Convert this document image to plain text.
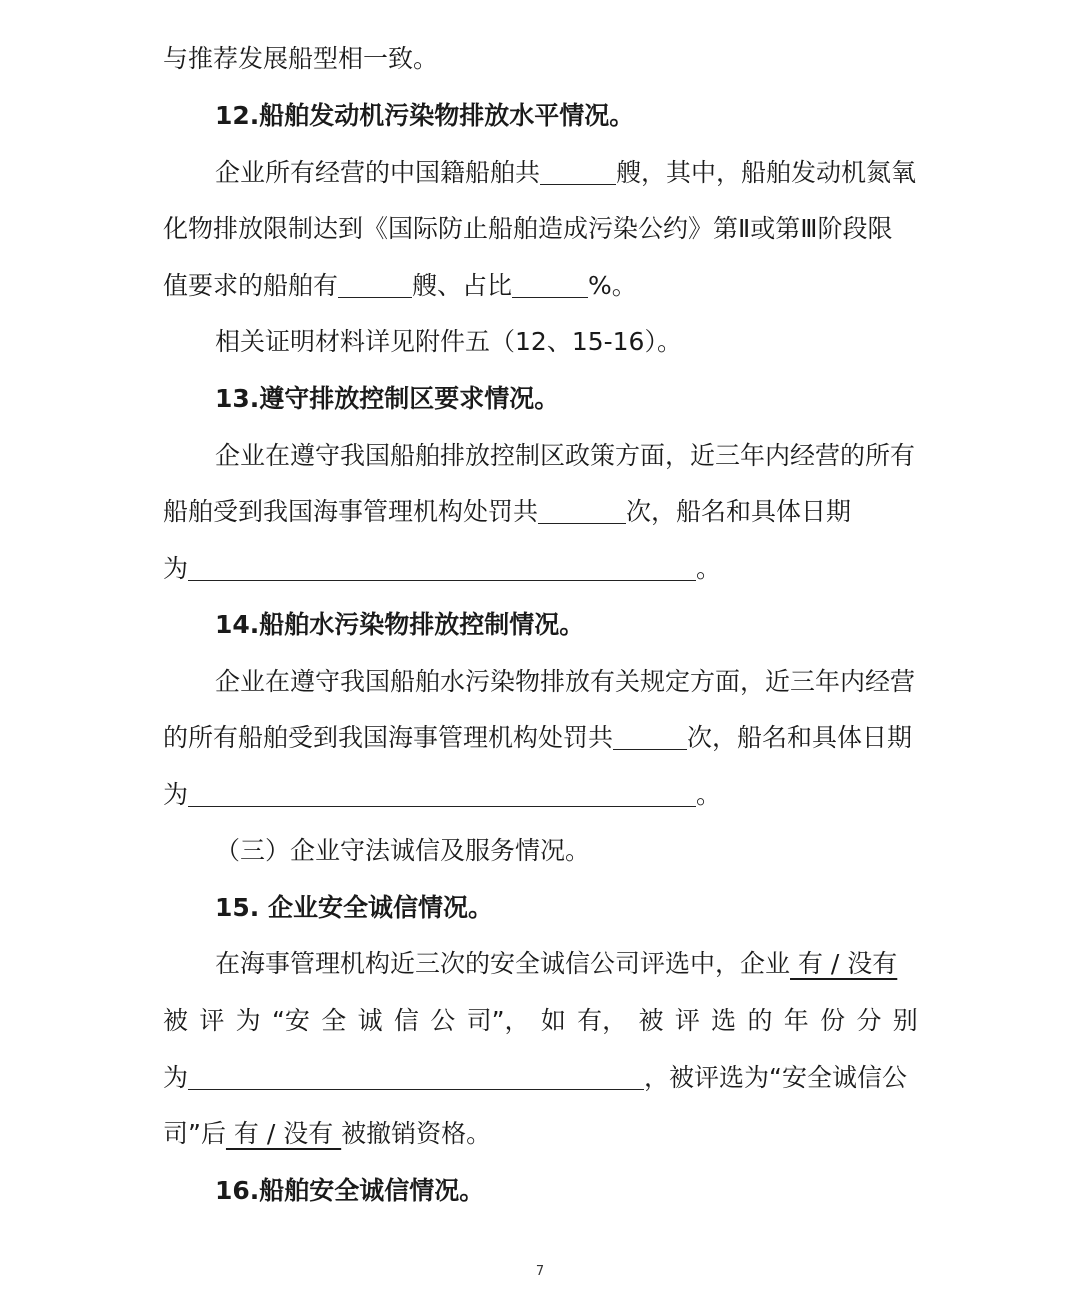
与推荐发展船型相一致。
12.船舶发动机污染物排放水平情况。
企业所有经营的中国籍船舶共	艘，其中，船舶发动机氮氧
化物排放限制达到《国际防止船舶造成污染公约》第Ⅱ或第Ⅲ阶段限
值要求的船舶有	艘、占比	%。
相关证明材料详见附件五（12、15-16）。
13.遵守排放控制区要求情况。
企业在遵守我国船舶排放控制区政策方面，近三年内经营的所有
船舶受到我国海事管理机构处罚共	次，船名和具体日期
为	。
14.船舶水污染物排放控制情况。
企业在遵守我国船舶水污染物排放有关规定方面，近三年内经营
的所有船舶受到我国海事管理机构处罚共	次，船名和具体日期
为	。
（三）企业守法诚信及服务情况。
15. 企业安全诚信情况。
在海事管理机构近三次的安全诚信公司评选中，企业 有 / 没有
被 评 为 “安 全 诚 信 公 司”， 如 有， 被 评 选 的 年 份 分 别
为	，被评选为“安全诚信公
司”后 有 / 没有 被撤销资格。
16.船舶安全诚信情况。
7
